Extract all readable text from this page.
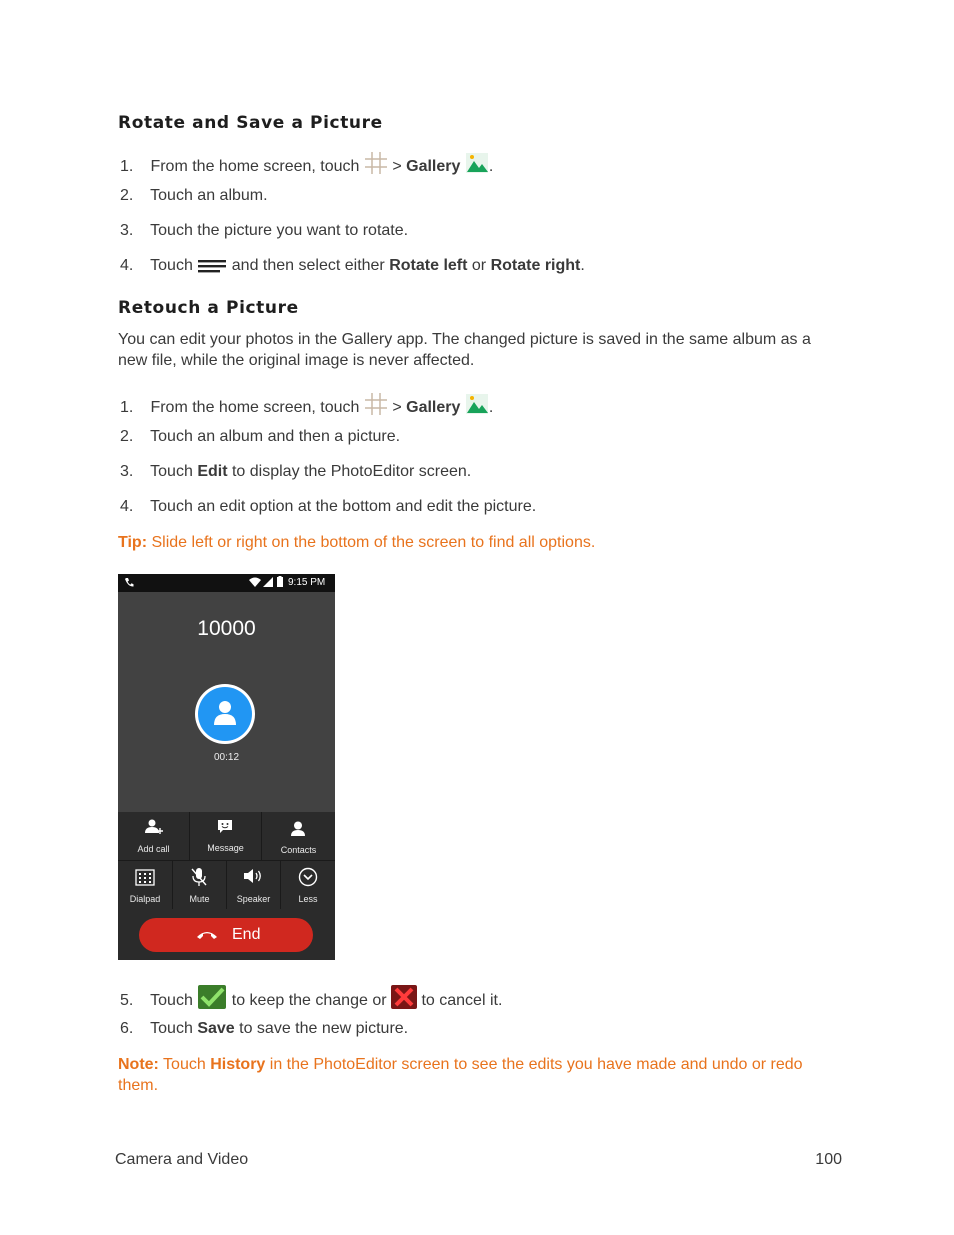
Rotate and Save a Picture
1. From the home screen, touch > Gallery .
2. Touch an album.
3. Touch the picture you want to rotate.
4. Touch and then select either Rotate left or Rotate right.
Retouch a Picture
You can edit your photos in the Gallery app. The changed picture is saved in the same album as a new file, while the original image is never affected.
1. From the home screen, touch > Gallery .
2. Touch an album and then a picture.
3. Touch Edit to display the PhotoEditor screen.
4. Touch an edit option at the bottom and edit the picture.
Tip: Slide left or right on the bottom of the screen to find all options.
9:15 PM
10000
00:12
Add call	Message	Contacts
Dialpad	Mute	Speaker	Less
End
5. Touch to keep the change or to cancel it.
6. Touch Save to save the new picture.
Note: Touch History in the PhotoEditor screen to see the edits you have made and undo or redo them.
Camera and Video	100
